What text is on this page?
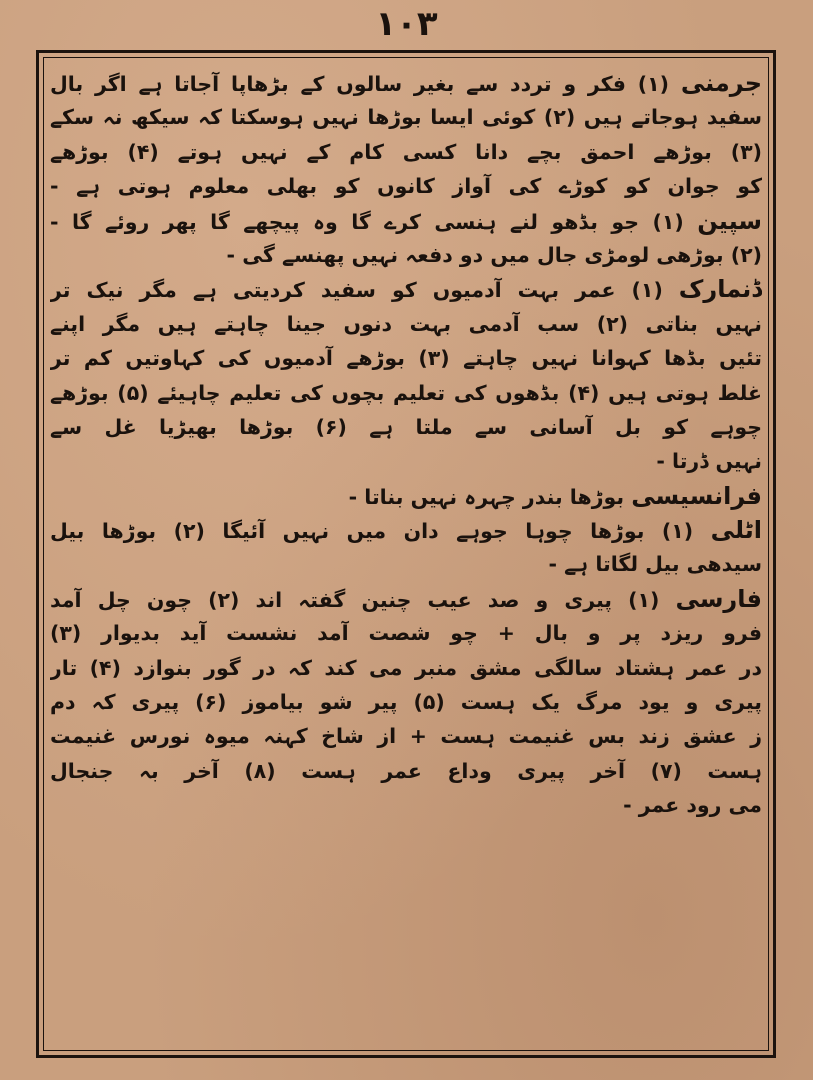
۱۰۳
جرمنی (۱) فکر و تردد سے بغیر سالوں کے بڑھاپا آجاتا ہے اگر بال
سفید ہوجاتے ہیں (۲) کوئی ایسا بوڑھا نہیں ہوسکتا کہ سیکھ نہ سکے
(۳) بوڑھے احمق بچے دانا کسی کام کے نہیں ہوتے (۴) بوڑھے
کو جوان کو کوڑے کی آواز کانوں کو بھلی معلوم ہوتی ہے -
سپین (۱) جو بڈھو لنے ہنسی کرے گا وہ پیچھے گا پھر روئے گا -
(۲) بوڑھی لومڑی جال میں دو دفعہ نہیں پھنسے گی -
ڈنمارک (۱) عمر بہت آدمیوں کو سفید کردیتی ہے مگر نیک تر
نہیں بناتی (۲) سب آدمی بہت دنوں جینا چاہتے ہیں مگر اپنے
تئیں بڈھا کہوانا نہیں چاہتے (۳) بوڑھے آدمیوں کی کہاوتیں کم تر
غلط ہوتی ہیں (۴) بڈھوں کی تعلیم بچوں کی تعلیم چاہیئے (۵) بوڑھے
چوہے کو بل آسانی سے ملتا ہے (۶) بوڑھا بھیڑیا غل سے
نہیں ڈرتا -
فرانسیسی بوڑھا بندر چہرہ نہیں بناتا -
اٹلی (۱) بوڑھا چوہا جوہے دان میں نہیں آئیگا (۲) بوڑھا بیل
سیدھی بیل لگاتا ہے -
فارسی (۱) پیری و صد عیب چنین گفتہ اند (۲) چون چل آمد
فرو ریزد پر و بال + چو شصت آمد نشست آید بدیوار (۳)
در عمر ہشتاد سالگی مشق منبر می کند کہ در گور بنوازد (۴) تار
پیری و یود مرگ یک ہست (۵) پیر شو بیاموز (۶) پیری کہ دم
ز عشق زند بس غنیمت ہست + از شاخ کہنہ میوہ نورس غنیمت
ہست (۷) آخر پیری وداع عمر ہست (۸) آخر بہ جنجال
می رود عمر -
